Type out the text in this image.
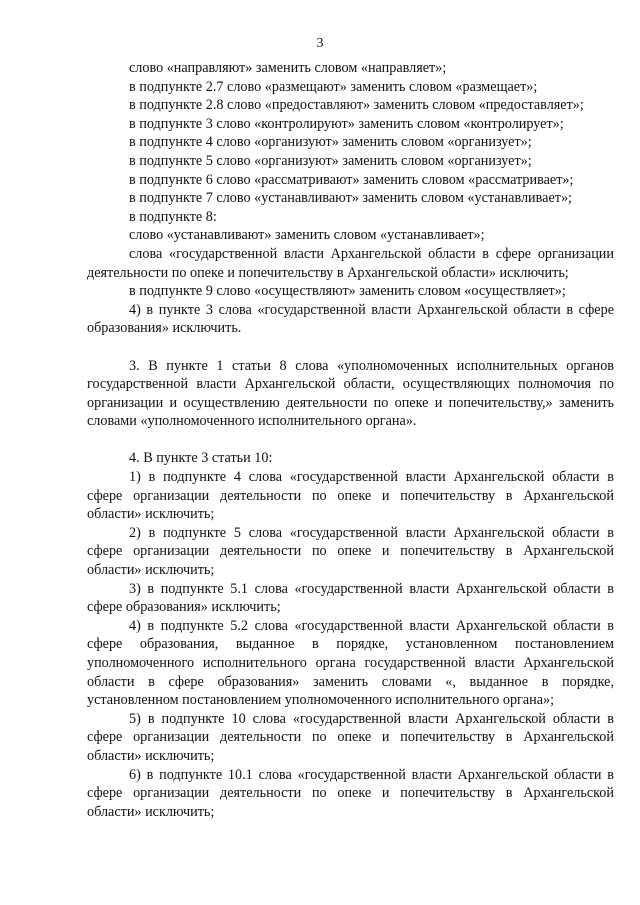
3

слово «направляют» заменить словом «направляет»;

в подпункте 2.7 слово «размещают» заменить словом «размещает»;

в подпункте 2.8 слово «предоставляют» заменить словом «предоставляет»;

в подпункте 3 слово «контролируют» заменить словом «контролирует»;

в подпункте 4 слово «организуют» заменить словом «организует»;

в подпункте 5 слово «организуют» заменить словом «организует»;

в подпункте 6 слово «рассматривают» заменить словом «рассматривает»;

в подпункте 7 слово «устанавливают» заменить словом «устанавливает»;

в подпункте 8:

слово «устанавливают» заменить словом «устанавливает»;

слова «государственной власти Архангельской области в сфере организации деятельности по опеке и попечительству в Архангельской области» исключить;

в подпункте 9 слово «осуществляют» заменить словом «осуществляет»;

4) в пункте 3 слова «государственной власти Архангельской области в сфере образования» исключить.

3. В пункте 1 статьи 8 слова «уполномоченных исполнительных органов государственной власти Архангельской области, осуществляющих полномочия по организации и осуществлению деятельности по опеке и попечительству,» заменить словами «уполномоченного исполнительного органа».

4. В пункте 3 статьи 10:

1) в подпункте 4 слова «государственной власти Архангельской области в сфере организации деятельности по опеке и попечительству в Архангельской области» исключить;

2) в подпункте 5 слова «государственной власти Архангельской области в сфере организации деятельности по опеке и попечительству в Архангельской области» исключить;

3) в подпункте 5.1 слова «государственной власти Архангельской области в сфере образования» исключить;

4) в подпункте 5.2 слова «государственной власти Архангельской области в сфере образования, выданное в порядке, установленном постановлением уполномоченного исполнительного органа государственной власти Архангельской области в сфере образования» заменить словами «, выданное в порядке, установленном постановлением уполномоченного исполнительного органа»;

5) в подпункте 10 слова «государственной власти Архангельской области в сфере организации деятельности по опеке и попечительству в Архангельской области» исключить;

6) в подпункте 10.1 слова «государственной власти Архангельской области в сфере организации деятельности по опеке и попечительству в Архангельской области» исключить;
